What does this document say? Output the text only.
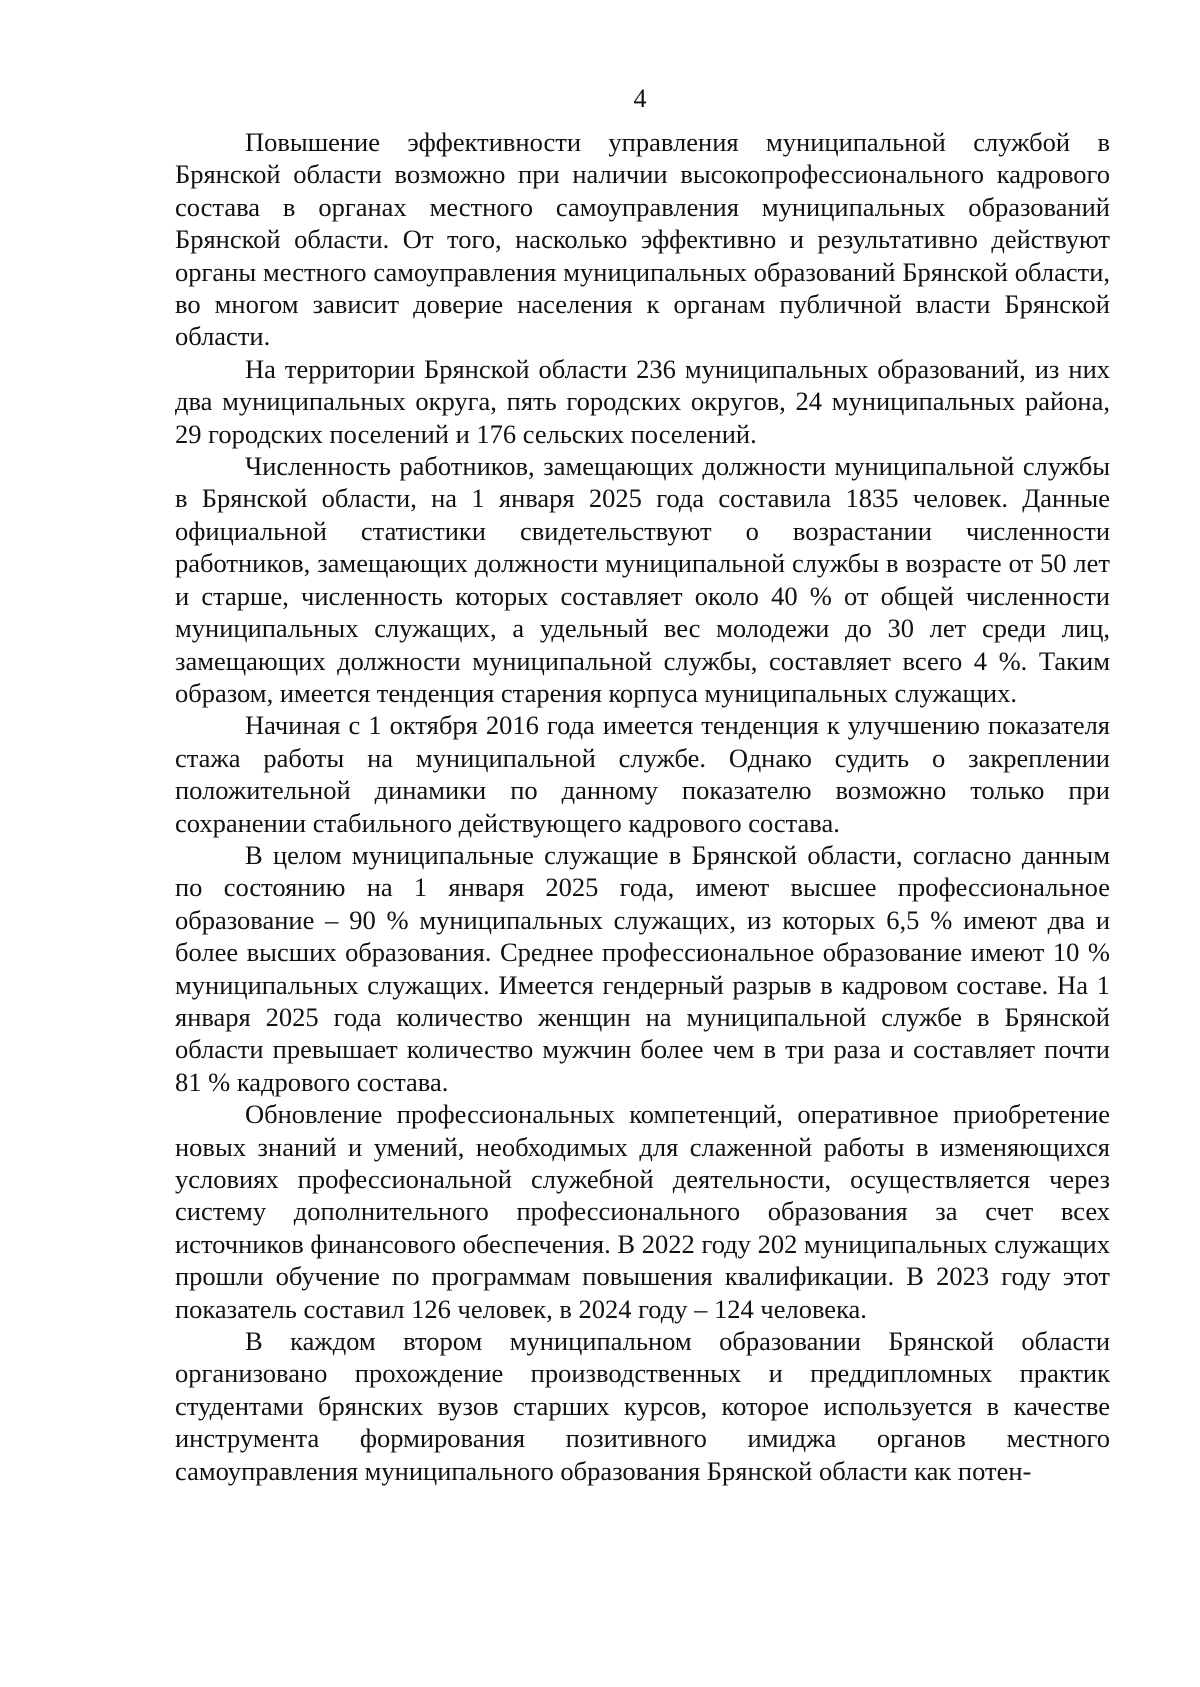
4

Повышение эффективности управления муниципальной службой в Брянской области возможно при наличии высокопрофессионального кадрового состава в органах местного самоуправления муниципальных образований Брянской области. От того, насколько эффективно и результативно действуют органы местного самоуправления муниципальных образований Брянской области, во многом зависит доверие населения к органам публичной власти Брянской области.

На территории Брянской области 236 муниципальных образований, из них два муниципальных округа, пять городских округов, 24 муниципальных района, 29 городских поселений и 176 сельских поселений.

Численность работников, замещающих должности муниципальной службы в Брянской области, на 1 января 2025 года составила 1835 человек. Данные официальной статистики свидетельствуют о возрастании численности работников, замещающих должности муниципальной службы в возрасте от 50 лет и старше, численность которых составляет около 40 % от общей численности муниципальных служащих, а удельный вес молодежи до 30 лет среди лиц, замещающих должности муниципальной службы, составляет всего 4 %. Таким образом, имеется тенденция старения корпуса муниципальных служащих.

Начиная с 1 октября 2016 года имеется тенденция к улучшению показателя стажа работы на муниципальной службе. Однако судить о закреплении положительной динамики по данному показателю возможно только при сохранении стабильного действующего кадрового состава.

В целом муниципальные служащие в Брянской области, согласно данным по состоянию на 1 января 2025 года, имеют высшее профессиональное образование – 90 % муниципальных служащих, из которых 6,5 % имеют два и более высших образования. Среднее профессиональное образование имеют 10 % муниципальных служащих. Имеется гендерный разрыв в кадровом составе. На 1 января 2025 года количество женщин на муниципальной службе в Брянской области превышает количество мужчин более чем в три раза и составляет почти 81 % кадрового состава.

Обновление профессиональных компетенций, оперативное приобретение новых знаний и умений, необходимых для слаженной работы в изменяющихся условиях профессиональной служебной деятельности, осуществляется через систему дополнительного профессионального образования за счет всех источников финансового обеспечения. В 2022 году 202 муниципальных служащих прошли обучение по программам повышения квалификации. В 2023 году этот показатель составил 126 человек, в 2024 году – 124 человека.

В каждом втором муниципальном образовании Брянской области организовано прохождение производственных и преддипломных практик студентами брянских вузов старших курсов, которое используется в качестве инструмента формирования позитивного имиджа органов местного самоуправления муниципального образования Брянской области как потен-
